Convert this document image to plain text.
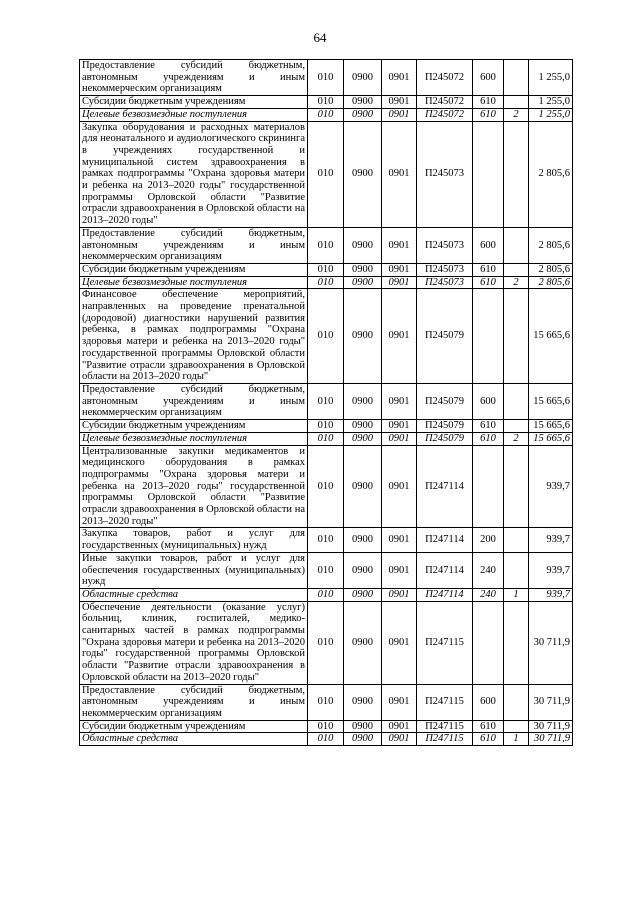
64
Предоставление субсидий бюджетным, автономным учреждениям и иным некоммерческим организациям	010	0900	0901	П245072	600		1 255,0
Субсидии бюджетным учреждениям	010	0900	0901	П245072	610		1 255,0
Целевые безвозмездные поступления	010	0900	0901	П245072	610	2	1 255,0
Закупка оборудования и расходных материалов для неонатального и аудиологического скрининга в учреждениях государственной и муниципальной систем здравоохранения в рамках подпрограммы "Охрана здоровья матери и ребенка на 2013–2020 годы" государственной программы Орловской области "Развитие отрасли здравоохранения в Орловской области на 2013–2020 годы"	010	0900	0901	П245073			2 805,6
Предоставление субсидий бюджетным, автономным учреждениям и иным некоммерческим организациям	010	0900	0901	П245073	600		2 805,6
Субсидии бюджетным учреждениям	010	0900	0901	П245073	610		2 805,6
Целевые безвозмездные поступления	010	0900	0901	П245073	610	2	2 805,6
Финансовое обеспечение мероприятий, направленных на проведение пренатальной (дородовой) диагностики нарушений развития ребенка, в рамках подпрограммы "Охрана здоровья матери и ребенка на 2013–2020 годы" государственной программы Орловской области "Развитие отрасли здравоохранения в Орловской области на 2013–2020 годы"	010	0900	0901	П245079			15 665,6
Предоставление субсидий бюджетным, автономным учреждениям и иным некоммерческим организациям	010	0900	0901	П245079	600		15 665,6
Субсидии бюджетным учреждениям	010	0900	0901	П245079	610		15 665,6
Целевые безвозмездные поступления	010	0900	0901	П245079	610	2	15 665,6
Централизованные закупки медикаментов и медицинского оборудования в рамках подпрограммы "Охрана здоровья матери и ребенка на 2013–2020 годы" государственной программы Орловской области "Развитие отрасли здравоохранения в Орловской области на 2013–2020 годы"	010	0900	0901	П247114			939,7
Закупка товаров, работ и услуг для государственных (муниципальных) нужд	010	0900	0901	П247114	200		939,7
Иные закупки товаров, работ и услуг для обеспечения государственных (муниципальных) нужд	010	0900	0901	П247114	240		939,7
Областные средства	010	0900	0901	П247114	240	1	939,7
Обеспечение деятельности (оказание услуг) больниц, клиник, госпиталей, медико-санитарных частей в рамках подпрограммы "Охрана здоровья матери и ребенка на 2013–2020 годы" государственной программы Орловской области "Развитие отрасли здравоохранения в Орловской области на 2013–2020 годы"	010	0900	0901	П247115			30 711,9
Предоставление субсидий бюджетным, автономным учреждениям и иным некоммерческим организациям	010	0900	0901	П247115	600		30 711,9
Субсидии бюджетным учреждениям	010	0900	0901	П247115	610		30 711,9
Областные средства	010	0900	0901	П247115	610	1	30 711,9
